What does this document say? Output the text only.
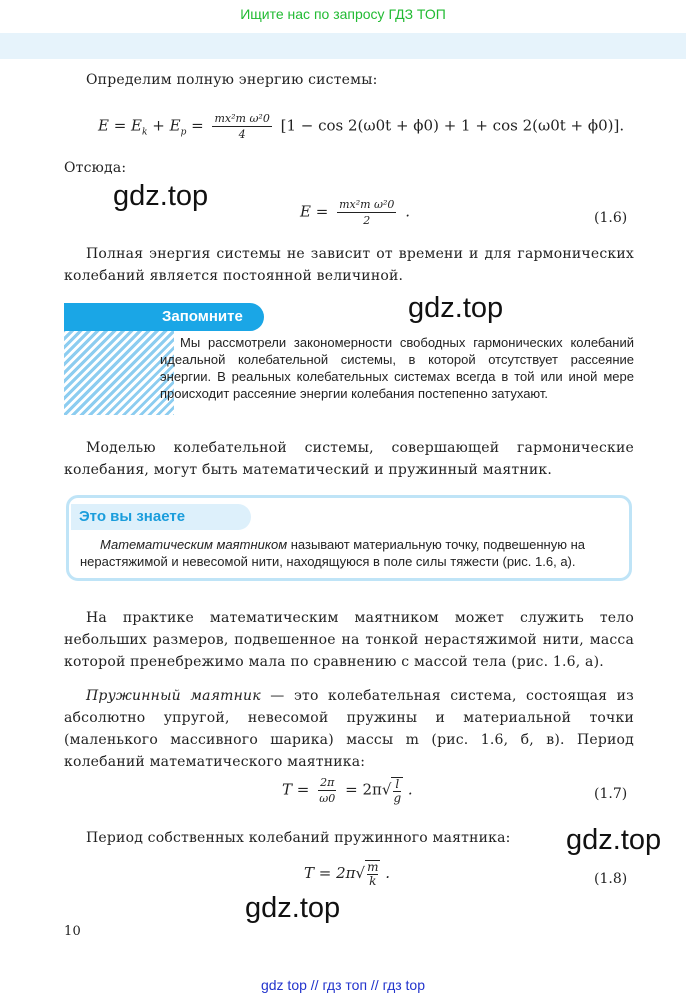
Ищите нас по запросу ГДЗ ТОП
Определим полную энергию системы:
$E = E_k + E_p = \frac{\text{mx²m ω²0}}{4} [1 - \cos 2(\omega 0t + \phi 0) + 1 + \cos 2(\omega 0t + \phi 0)]$.
Отсюда:
gdz.top	$E = \frac{\text{mx²m ω²0}}{2}$ .	(1.6)
Полная энергия системы не зависит от времени и для гармонических колебаний является постоянной величиной.
Запомните	gdz.top
Мы рассмотрели закономерности свободных гармонических колебаний идеальной колебательной системы, в которой отсутствует рассеяние энергии. В реальных колебательных системах всегда в той или иной мере происходит рассеяние энергии колебания постепенно затухают.
Моделью колебательной системы, совершающей гармонические колебания, могут быть математический и пружинный маятник.
Это вы знаете
Математическим маятником называют материальную точку, подвешенную на нерастяжимой и невесомой нити, находящуюся в поле силы тяжести (рис. 1.6, а).
На практике математическим маятником может служить тело небольших размеров, подвешенное на тонкой нерастяжимой нити, масса которой пренебрежимо мала по сравнению с массой тела (рис. 1.6, а).
Пружинный маятник — это колебательная система, состоящая из абсолютно упругой, невесомой пружины и материальной точки (маленького массивного шарика) массы m (рис. 1.6, б, в). Период колебаний математического маятника:
$T = \frac{2\pi}{\omega 0} = 2\pi√ \frac{l}{g}$ .	(1.7)
Период собственных колебаний пружинного маятника: gdz.top
$T = 2\pi√ \frac{m}{k}$ .	(1.8)
gdz.top
10
gdz top // гдз топ // гдз top
